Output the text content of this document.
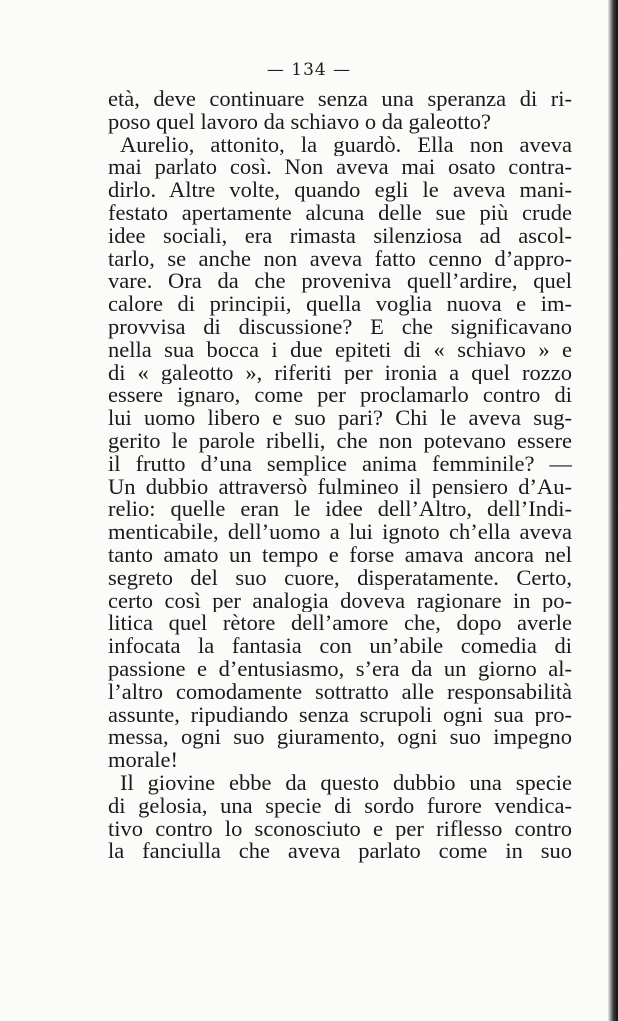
— 134 —
età, deve continuare senza una speranza di ri-
poso quel lavoro da schiavo o da galeotto?
Aurelio, attonito, la guardò. Ella non aveva
mai parlato così. Non aveva mai osato contra-
dirlo. Altre volte, quando egli le aveva mani-
festato apertamente alcuna delle sue più crude
idee sociali, era rimasta silenziosa ad ascol-
tarlo, se anche non aveva fatto cenno d’appro-
vare. Ora da che proveniva quell’ardire, quel
calore di principii, quella voglia nuova e im-
provvisa di discussione? E che significavano
nella sua bocca i due epiteti di « schiavo » e
di « galeotto », riferiti per ironia a quel rozzo
essere ignaro, come per proclamarlo contro di
lui uomo libero e suo pari? Chi le aveva sug-
gerito le parole ribelli, che non potevano essere
il frutto d’una semplice anima femminile? —
Un dubbio attraversò fulmineo il pensiero d’Au-
relio: quelle eran le idee dell’Altro, dell’Indi-
menticabile, dell’uomo a lui ignoto ch’ella aveva
tanto amato un tempo e forse amava ancora nel
segreto del suo cuore, disperatamente. Certo,
certo così per analogia doveva ragionare in po-
litica quel rètore dell’amore che, dopo averle
infocata la fantasia con un’abile comedia di
passione e d’entusiasmo, s’era da un giorno al-
l’altro comodamente sottratto alle responsabilità
assunte, ripudiando senza scrupoli ogni sua pro-
messa, ogni suo giuramento, ogni suo impegno
morale!
Il giovine ebbe da questo dubbio una specie
di gelosia, una specie di sordo furore vendica-
tivo contro lo sconosciuto e per riflesso contro
la fanciulla che aveva parlato come in suo
